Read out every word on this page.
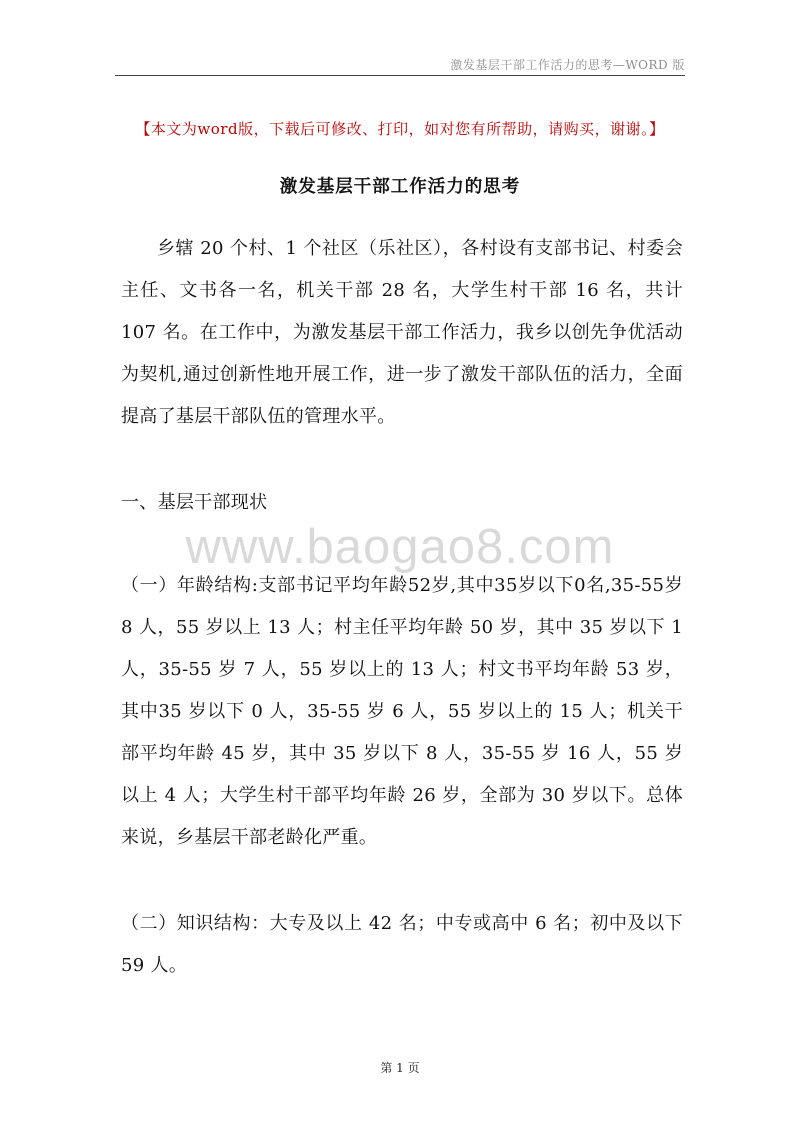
激发基层干部工作活力的思考—WORD 版
【本文为word版，下载后可修改、打印，如对您有所帮助，请购买，谢谢。】
激发基层干部工作活力的思考

乡辖 20 个村、1 个社区（乐社区），各村设有支部书记、村委会主任、文书各一名，机关干部 28 名，大学生村干部 16 名，共计107 名。在工作中，为激发基层干部工作活力，我乡以创先争优活动为契机,通过创新性地开展工作，进一步了激发干部队伍的活力，全面提高了基层干部队伍的管理水平。

一、基层干部现状

www.baogao8.com

（一）年龄结构:支部书记平均年龄52岁,其中35岁以下0名,35-55岁 8 人，55 岁以上 13 人；村主任平均年龄 50 岁，其中 35 岁以下 1人，35-55 岁 7 人，55 岁以上的 13 人；村文书平均年龄 53 岁，其中35 岁以下 0 人，35-55 岁 6 人，55 岁以上的 15 人；机关干部平均年龄 45 岁，其中 35 岁以下 8 人，35-55 岁 16 人，55 岁以上 4 人；大学生村干部平均年龄 26 岁，全部为 30 岁以下。总体来说，乡基层干部老龄化严重。

（二）知识结构：大专及以上 42 名；中专或高中 6 名；初中及以下59 人。

第 1 页
